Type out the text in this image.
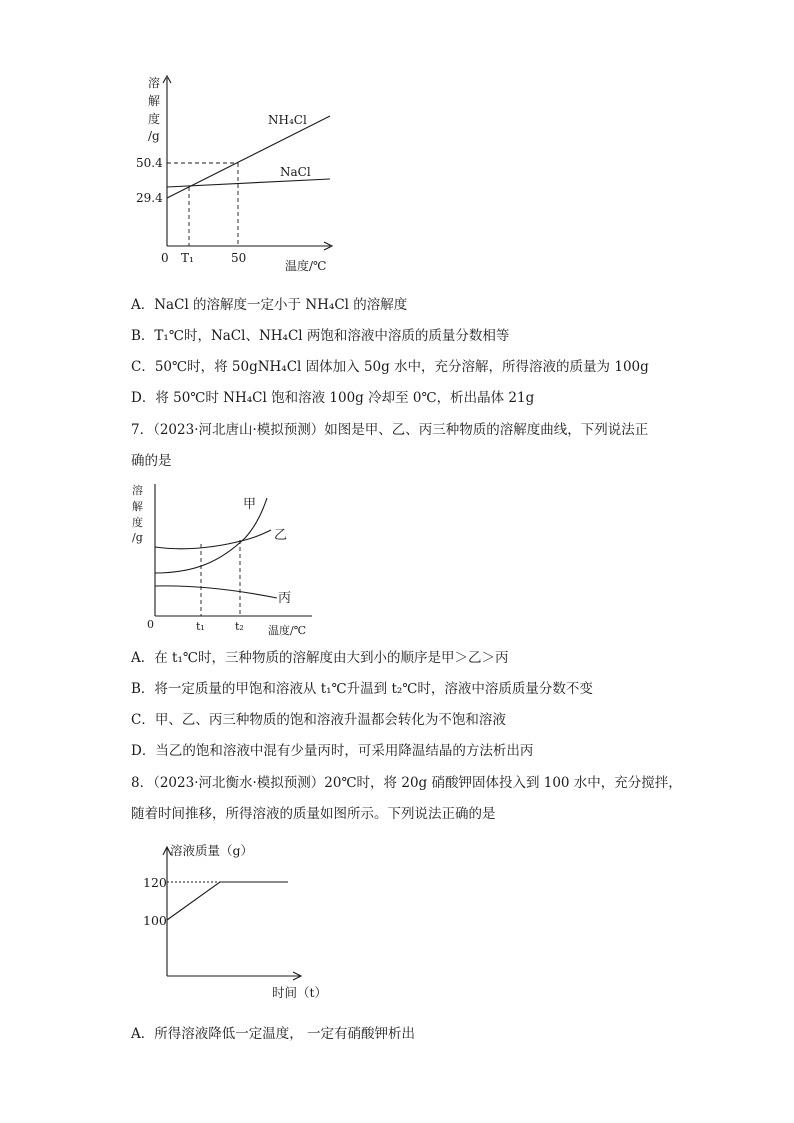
溶
解
度
/g
50.4
29.4
0 T₁	50
温度/℃
NH₄Cl
NaCl
A．NaCl 的溶解度一定小于 NH₄Cl 的溶解度
B．T₁℃时，NaCl、NH₄Cl 两饱和溶液中溶质的质量分数相等
C．50℃时，将 50gNH₄Cl 固体加入 50g 水中，充分溶解，所得溶液的质量为 100g
D．将 50℃时 NH₄Cl 饱和溶液 100g 冷却至 0℃，析出晶体 21g
7．（2023·河北唐山·模拟预测）如图是甲、乙、丙三种物质的溶解度曲线，下列说法正
确的是
溶
解
度
/g
0	t₁	t₂ 温度/℃
甲
乙
丙
A．在 t₁℃时，三种物质的溶解度由大到小的顺序是甲＞乙＞丙
B．将一定质量的甲饱和溶液从 t₁℃升温到 t₂℃时，溶液中溶质质量分数不变
C．甲、乙、丙三种物质的饱和溶液升温都会转化为不饱和溶液
D．当乙的饱和溶液中混有少量丙时，可采用降温结晶的方法析出丙
8．（2023·河北衡水·模拟预测）20℃时，将 20g 硝酸钾固体投入到 100 水中，充分搅拌，
随着时间推移，所得溶液的质量如图所示。下列说法正确的是
溶液质量（g）
120
100
时间（t）
A．所得溶液降低一定温度， 一定有硝酸钾析出
